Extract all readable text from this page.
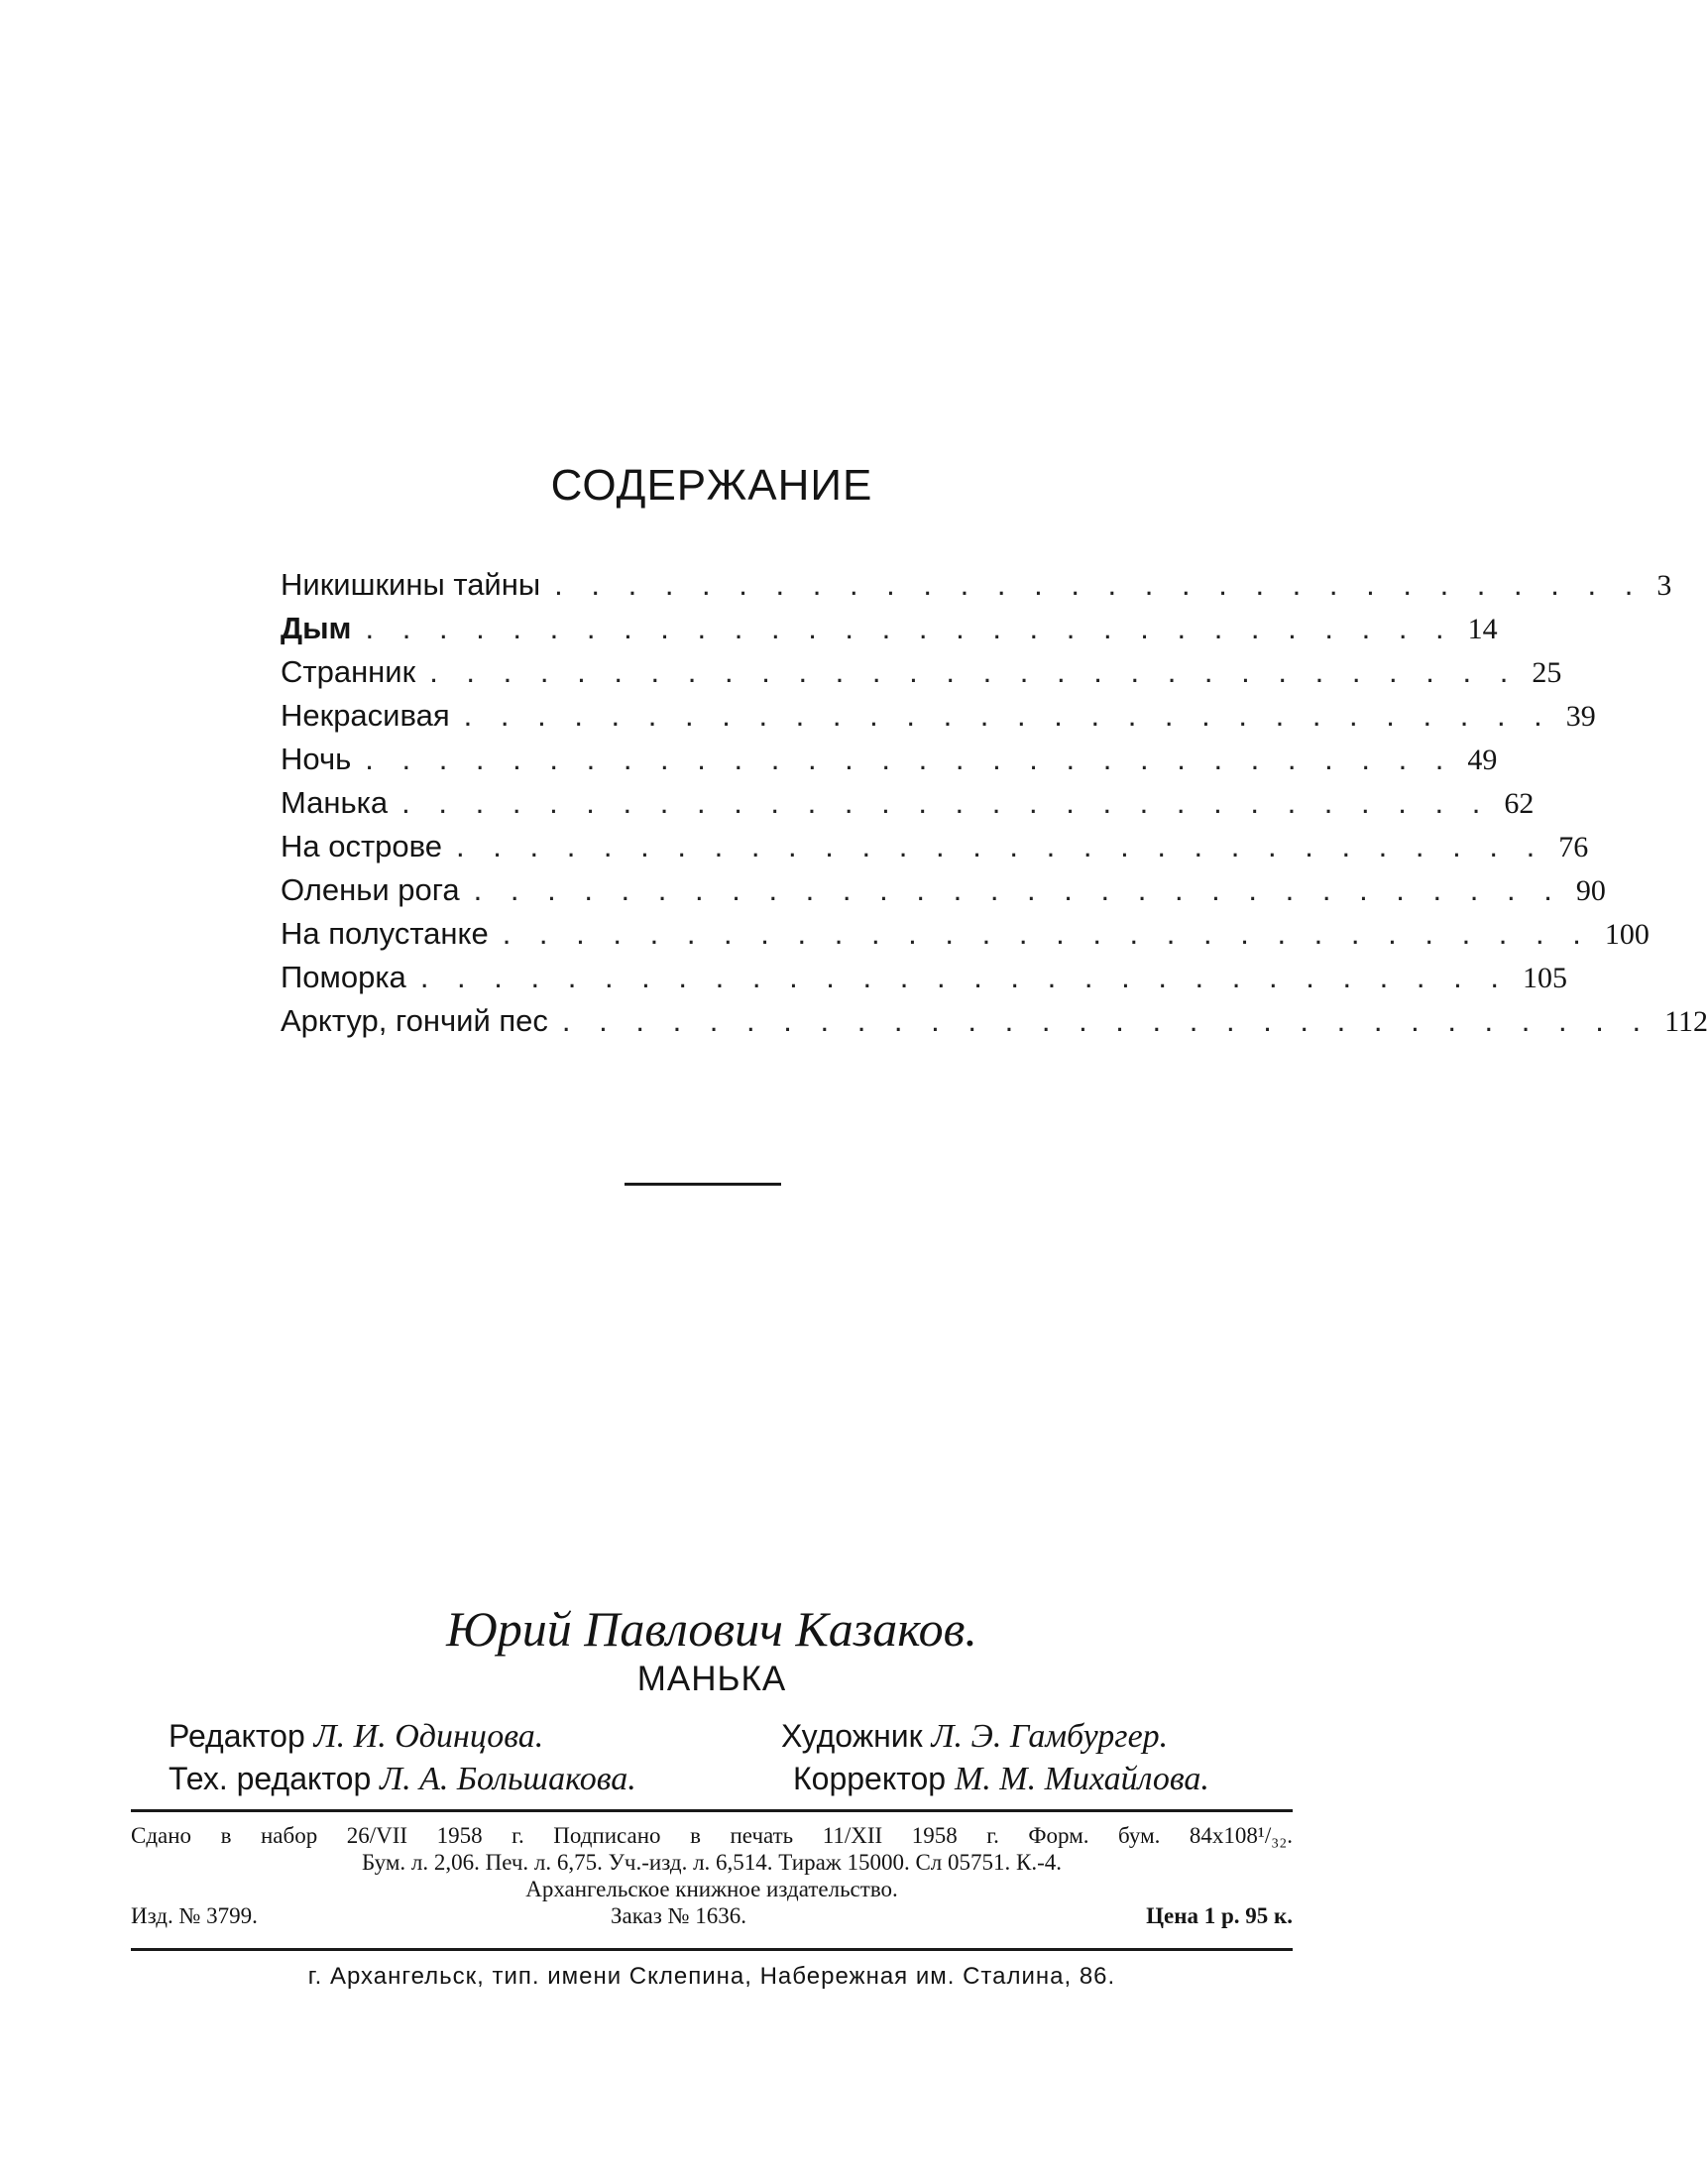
СОДЕРЖАНИЕ
Никишкины тайны . . . . . . . . . . . . . . . . . . . . . . . . . . . . . . 3
Дым . . . . . . . . . . . . . . . . . . . . . . . . . . . . . . 14
Странник . . . . . . . . . . . . . . . . . . . . . . . . . . . . . . 25
Некрасивая . . . . . . . . . . . . . . . . . . . . . . . . . . . . . . 39
Ночь . . . . . . . . . . . . . . . . . . . . . . . . . . . . . . 49
Манька . . . . . . . . . . . . . . . . . . . . . . . . . . . . . . 62
На острове . . . . . . . . . . . . . . . . . . . . . . . . . . . . . . 76
Оленьи рога . . . . . . . . . . . . . . . . . . . . . . . . . . . . . . 90
На полустанке . . . . . . . . . . . . . . . . . . . . . . . . . . . . . . 100
Поморка . . . . . . . . . . . . . . . . . . . . . . . . . . . . . . 105
Арктур, гончий пес . . . . . . . . . . . . . . . . . . . . . . . . . . . . . . 112
Юрий Павлович Казаков.
МАНЬКА
Редактор Л. И. Одинцова.	Художник Л. Э. Гамбургер.
Тех. редактор Л. А. Большакова.	Корректор М. М. Михайлова.
Сдано в набор 26/VII 1958 г. Подписано в печать 11/XII 1958 г. Форм. бум. 84x108¹/₃₂.
Бум. л. 2,06. Печ. л. 6,75. Уч.-изд. л. 6,514. Тираж 15000. Сл 05751. К.-4.
Архангельское книжное издательство.
Изд. № 3799.	Заказ № 1636.	Цена 1 р. 95 к.
г. Архангельск, тип. имени Склепина, Набережная им. Сталина, 86.
